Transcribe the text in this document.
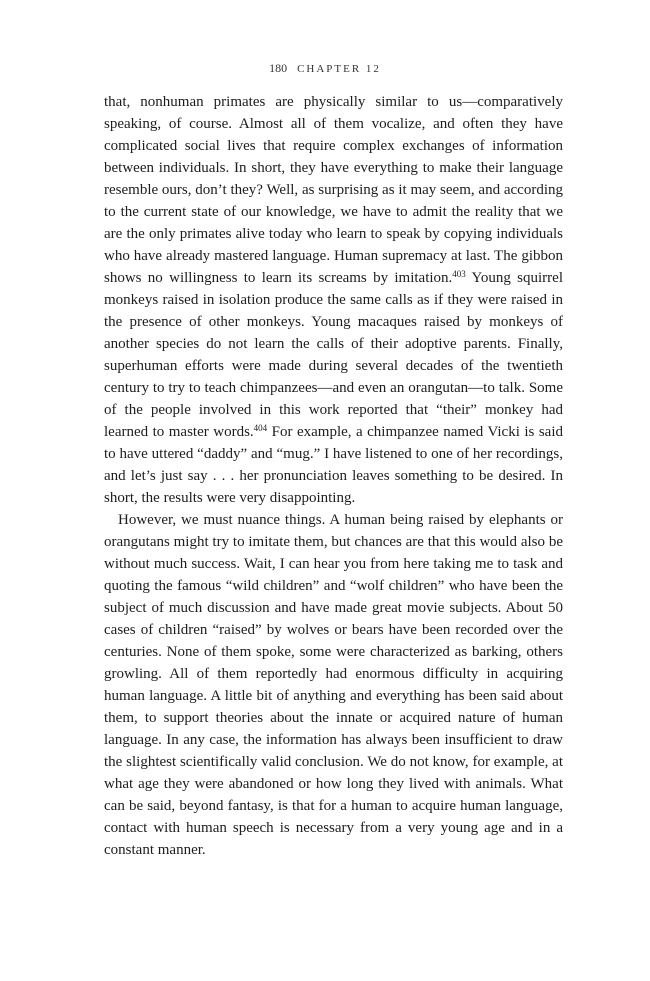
180 CHAPTER 12

that, nonhuman primates are physically similar to us—comparatively speaking, of course. Almost all of them vocalize, and often they have complicated social lives that require complex exchanges of information between individuals. In short, they have everything to make their language resemble ours, don’t they? Well, as surprising as it may seem, and according to the current state of our knowledge, we have to admit the reality that we are the only primates alive today who learn to speak by copying individuals who have already mastered language. Human supremacy at last. The gibbon shows no willingness to learn its screams by imitation.$^{403}$ Young squirrel monkeys raised in isolation produce the same calls as if they were raised in the presence of other monkeys. Young macaques raised by monkeys of another species do not learn the calls of their adoptive parents. Finally, superhuman efforts were made during several decades of the twentieth century to try to teach chimpanzees—and even an orangutan—to talk. Some of the people involved in this work reported that “their” monkey had learned to master words.$^{404}$ For example, a chimpanzee named Vicki is said to have uttered “daddy” and “mug.” I have listened to one of her recordings, and let’s just say . . . her pronunciation leaves something to be desired. In short, the results were very disappointing.

However, we must nuance things. A human being raised by elephants or orangutans might try to imitate them, but chances are that this would also be without much success. Wait, I can hear you from here taking me to task and quoting the famous “wild children” and “wolf children” who have been the subject of much discussion and have made great movie subjects. About 50 cases of children “raised” by wolves or bears have been recorded over the centuries. None of them spoke, some were characterized as barking, others growling. All of them reportedly had enormous difficulty in acquiring human language. A little bit of anything and everything has been said about them, to support theories about the innate or acquired nature of human language. In any case, the information has always been insufficient to draw the slightest scientifically valid conclusion. We do not know, for example, at what age they were abandoned or how long they lived with animals. What can be said, beyond fantasy, is that for a human to acquire human language, contact with human speech is necessary from a very young age and in a constant manner.
